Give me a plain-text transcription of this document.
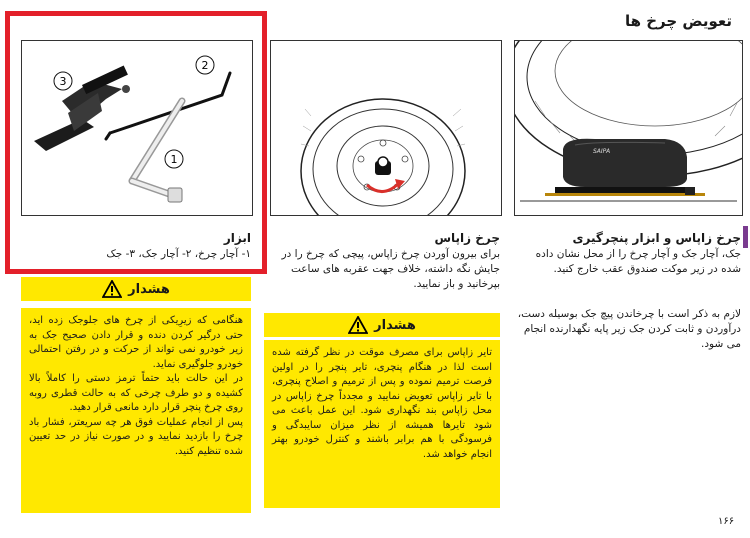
تعویض چرخ ها
SAIPA
چرخ زاپاس و ابزار پنچرگیری
جک، آچار جک و آچار چرخ را از محل نشان داده شده در زیر موکت صندوق عقب خارج کنید.
لازم به ذکر است با چرخاندن پیچ جک بوسیله دست، درآوردن و ثابت کردن جک زیر پایه نگهدارنده انجام می شود.
چرخ زاپاس
برای بیرون آوردن چرخ زاپاس، پیچی که چرخ را در جایش نگه داشته، خلاف جهت عقربه های ساعت بپرخانید و باز نمایید.
هشدار

تایر زاپاس برای مصرف موقت در نظر گرفته شده است لذا در هنگام پنچری، تایر پنچر را در اولین فرصت ترمیم نموده و پس از ترمیم و اصلاح پنچری، با تایر زاپاس تعویض نمایید و مجدداً چرخ زاپاس در محل زاپاس بند نگهداری شود. این عمل باعث می شود تایرها همیشه از نظر میزان سایبدگی و فرسودگی با هم برابر باشند و کنترل خودرو بهتر انجام خواهد شد.

1
2
3
ابزار
۱- آچار چرخ، ۲- آچار جک، ۳- جک
هشدار

هنگامی که زیرِیکی از چرخ های جلوجک زده اید، حتی درگیر کردن دنده و قرار دادن صحیح جک به زیر خودرو نمی تواند از حرکت و در رفتن احتمالی خودرو جلوگیری نماید.

در این حالت باید حتماً ترمز دستی را کاملاً بالا کشیده و دو طرف چرخی که به حالت قطری روبه روی چرخ پنچر قرار دارد مانعی قرار دهید.

پس از انجام عملیات فوق هر چه سریعتر، فشار باد چرخ را بازدید نمایید و در صورت نیاز در حد تعیین شده تنظیم کنید.

۱۶۶
